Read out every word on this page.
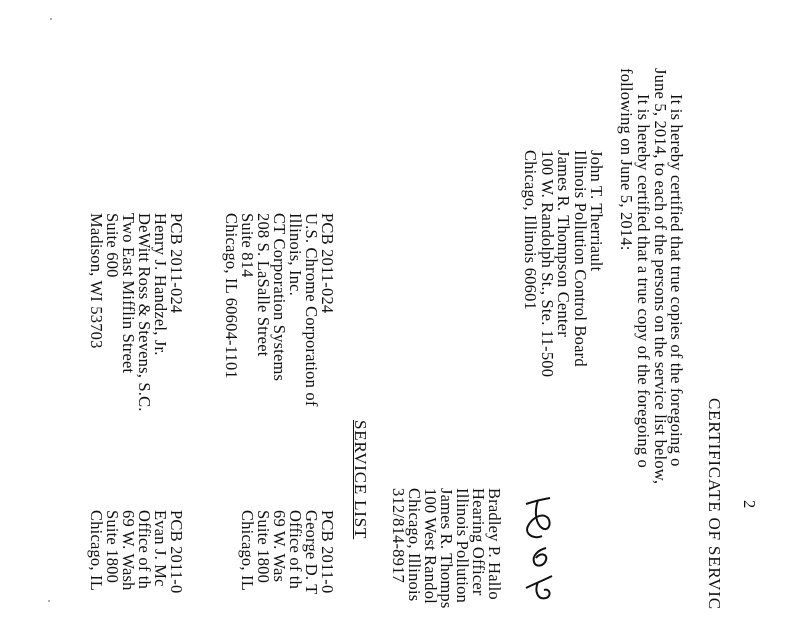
2
CERTIFICATE OF SERVIC
It is hereby certified that true copies of the foregoing o
June 5, 2014, to each of the persons on the service list below,
It is hereby certified that a true copy of the foregoing o
following on June 5, 2014:
John T. Therriault
Illinois Pollution Control Board
James R. Thompson Center
100 W. Randolph St., Ste. 11-500
Chicago, Illinois 60601
Bradley P. Hallo
Hearing Officer
Illinois Pollution
James R. Thomps
100 West Randol
Chicago, Illinois
312/814-8917
SERVICE LIST
PCB 2011-024
U.S. Chrome Corporation of
Illinois, Inc.
CT Corporation Systems
208 S. LaSalle Street
Suite 814
Chicago, IL 60604-1101
PCB 2011-024
Henry J. Handzel, Jr.
DeWitt Ross & Stevens, S.C.
Two East Mifflin Street
Suite 600
Madison, WI 53703
PCB 2011-0
George D. T
Office of th
69 W. Was
Suite 1800
Chicago, IL
PCB 2011-0
Evan J. Mc
Office of th
69 W. Wash
Suite 1800
Chicago, IL
